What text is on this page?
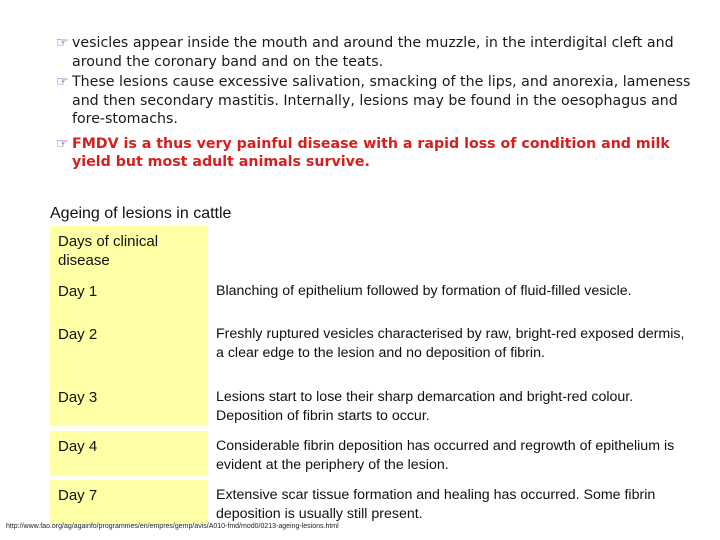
☞ vesicles appear inside the mouth and around the muzzle, in the interdigital cleft and around the coronary band and on the teats.
☞ These lesions cause excessive salivation, smacking of the lips, and anorexia, lameness and then secondary mastitis. Internally, lesions may be found in the oesophagus and fore-stomachs.
☞ FMDV is a thus very painful disease with a rapid loss of condition and milk yield but most adult animals survive.
Ageing of lesions in cattle
Days of clinical disease
Day 1	Blanching of epithelium followed by formation of fluid-filled vesicle.
Day 2	Freshly ruptured vesicles characterised by raw, bright-red exposed dermis, a clear edge to the lesion and no deposition of fibrin.
Day 3	Lesions start to lose their sharp demarcation and bright-red colour. Deposition of fibrin starts to occur.
Day 4	Considerable fibrin deposition has occurred and regrowth of epithelium is evident at the periphery of the lesion.
Day 7	Extensive scar tissue formation and healing has occurred. Some fibrin deposition is usually still present.
http://www.fao.org/ag/againfo/programmes/en/empres/gemp/avis/A010-fmd/mod0/0213-ageing-lesions.html
